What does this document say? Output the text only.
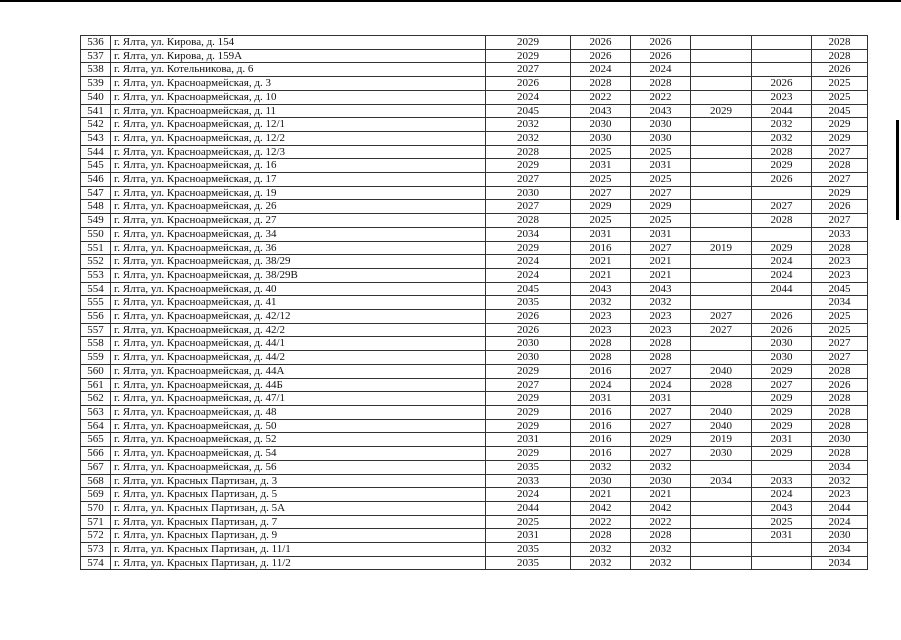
536	г. Ялта, ул. Кирова, д. 154	2029	2026	2026			2028
537	г. Ялта, ул. Кирова, д. 159А	2029	2026	2026			2028
538	г. Ялта, ул. Котельникова, д. 6	2027	2024	2024			2026
539	г. Ялта, ул. Красноармейская, д. 3	2026	2028	2028		2026	2025
540	г. Ялта, ул. Красноармейская, д. 10	2024	2022	2022		2023	2025
541	г. Ялта, ул. Красноармейская, д. 11	2045	2043	2043	2029	2044	2045
542	г. Ялта, ул. Красноармейская, д. 12/1	2032	2030	2030		2032	2029
543	г. Ялта, ул. Красноармейская, д. 12/2	2032	2030	2030		2032	2029
544	г. Ялта, ул. Красноармейская, д. 12/3	2028	2025	2025		2028	2027
545	г. Ялта, ул. Красноармейская, д. 16	2029	2031	2031		2029	2028
546	г. Ялта, ул. Красноармейская, д. 17	2027	2025	2025		2026	2027
547	г. Ялта, ул. Красноармейская, д. 19	2030	2027	2027			2029
548	г. Ялта, ул. Красноармейская, д. 26	2027	2029	2029		2027	2026
549	г. Ялта, ул. Красноармейская, д. 27	2028	2025	2025		2028	2027
550	г. Ялта, ул. Красноармейская, д. 34	2034	2031	2031			2033
551	г. Ялта, ул. Красноармейская, д. 36	2029	2016	2027	2019	2029	2028
552	г. Ялта, ул. Красноармейская, д. 38/29	2024	2021	2021		2024	2023
553	г. Ялта, ул. Красноармейская, д. 38/29В	2024	2021	2021		2024	2023
554	г. Ялта, ул. Красноармейская, д. 40	2045	2043	2043		2044	2045
555	г. Ялта, ул. Красноармейская, д. 41	2035	2032	2032			2034
556	г. Ялта, ул. Красноармейская, д. 42/12	2026	2023	2023	2027	2026	2025
557	г. Ялта, ул. Красноармейская, д. 42/2	2026	2023	2023	2027	2026	2025
558	г. Ялта, ул. Красноармейская, д. 44/1	2030	2028	2028		2030	2027
559	г. Ялта, ул. Красноармейская, д. 44/2	2030	2028	2028		2030	2027
560	г. Ялта, ул. Красноармейская, д. 44А	2029	2016	2027	2040	2029	2028
561	г. Ялта, ул. Красноармейская, д. 44Б	2027	2024	2024	2028	2027	2026
562	г. Ялта, ул. Красноармейская, д. 47/1	2029	2031	2031		2029	2028
563	г. Ялта, ул. Красноармейская, д. 48	2029	2016	2027	2040	2029	2028
564	г. Ялта, ул. Красноармейская, д. 50	2029	2016	2027	2040	2029	2028
565	г. Ялта, ул. Красноармейская, д. 52	2031	2016	2029	2019	2031	2030
566	г. Ялта, ул. Красноармейская, д. 54	2029	2016	2027	2030	2029	2028
567	г. Ялта, ул. Красноармейская, д. 56	2035	2032	2032			2034
568	г. Ялта, ул. Красных Партизан, д. 3	2033	2030	2030	2034	2033	2032
569	г. Ялта, ул. Красных Партизан, д. 5	2024	2021	2021		2024	2023
570	г. Ялта, ул. Красных Партизан, д. 5А	2044	2042	2042		2043	2044
571	г. Ялта, ул. Красных Партизан, д. 7	2025	2022	2022		2025	2024
572	г. Ялта, ул. Красных Партизан, д. 9	2031	2028	2028		2031	2030
573	г. Ялта, ул. Красных Партизан, д. 11/1	2035	2032	2032			2034
574	г. Ялта, ул. Красных Партизан, д. 11/2	2035	2032	2032			2034
